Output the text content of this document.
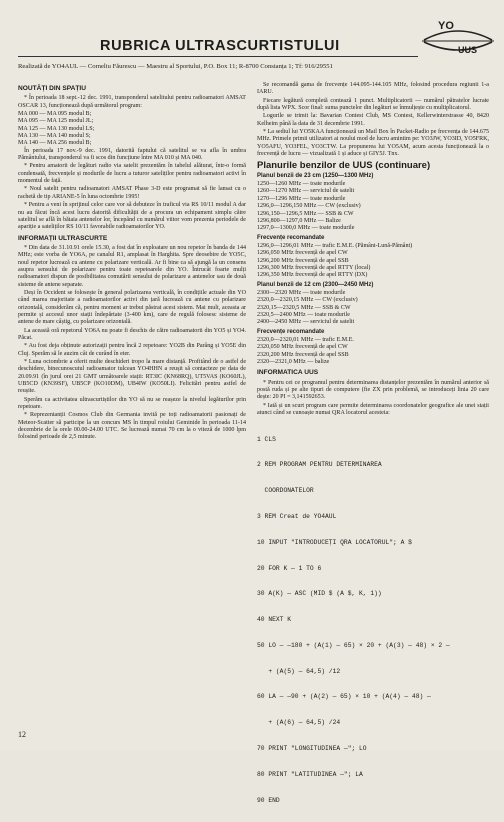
RUBRICA ULTRASCURTISTULUI
YO
UUS
Realizată de YO4AUL — Corneliu Făurescu — Maestru al Sportului, P.O. Box 11; R-8700 Constanța 1; Tf: 916/29551
NOUTĂȚI DIN SPAȚIU

* În perioada 18 sept.-12 dec. 1991, transponderul satelitului pentru radioamatori AMSAT OSCAR 13, funcționează după următorul program:

MA 000 — MA 095 modul B;

MA 095 — MA 125 modul JL;

MA 125 — MA 130 modul LS;

MA 130 — MA 140 modul S;

MA 140 — MA 256 modul B;

În perioada 17 nov.-9 dec. 1991, datorită faptului că satelitul se va afla în umbra Pământului, transponderul va fi scos din funcțiune între MA 010 și MA 040.

* Pentru amatorii de legături radio via satelit prezentăm în tabelul alăturat, într-o formă condensată, frecvențele și modurile de lucru a tuturor sateliților pentru radioamatori activi în momentul de față.

* Noul satelit pentru radioamatori AMSAT Phase 3-D este programat să fie lansat cu o rachetă de tip ARIANE-5 în luna octombrie 1995!

* Pentru a veni în sprijinul celor care vor să debuteze în traficul via RS 10/11 modul A dar nu au făcut încă acest lucru datorită dificultății de a procura un echipament simplu către satelitul se află în bătaia antenelor lor, începând cu numărul viitor vom prezenta periodele de apariție a sateliților RS 10/11 favorabile radioamatorilor YO.

INFORMAȚII ULTRASCURTE

* Din data de 31.10.91 orele 15.30, a fost dat în exploatare un nou repetor în banda de 144 MHz; este vorba de YO6A, pe canalul R1, amplasat în Harghita. Spre deosebire de YO5C, noul repetor lucrează cu antene cu polarizare verticală. Ar fi bine ca să ajungă la un consens asupra sensului de polarizare pentru toate repetoarele din YO. Întrucât foarte mulți radioamatori dispun de posibilitatea comutării sensului de polarizare a antenelor sau de două sisteme de antene separate.

Deși în Occident se folosește în general polarizarea verticală, în condițiile actuale din YO când marea majoritate a radioamatorilor activi din țară lucrează cu antene cu polarizare orizontală, considerăm că, pentru moment ar trebui păstrat acest sistem. Mai mult, aceasta ar permite și accesul unor stații îndepărtate (3-400 km), care de regulă folosesc sisteme de antene de mare câștig, cu polarizare orizontală.

La această oră repetorul YO6A nu poate fi deschis de către radioamatorii din YO5 și YO4. Păcat.

* Au fost deja obținute autorizații pentru încă 2 repetoare: YO2B din Parâng și YO5E din Cluj. Sperăm să le auzim cât de curând în eter.

* Luna octombrie a oferit multe deschideri tropo la mare distanță. Profitând de o astfel de deschidere, binecunoscutul radioamator tulcean YO4HHN a reușit să contacteze pe data de 20.09.91 (în jurul orei 21 GMT următoarele stații: RT3IC (KN68RQ), UT5VAS (KO60JL), UB5CD (KN39SF), UB5CP (KO10DM), UB4IW (KO50LI). Felicitări pentru astfel de reușite.

Sperăm ca activitatea ultrascurtiștilor din YO să nu se reașeze la nivelul legăturilor prin repetoare.

* Reprezentanții Cosmos Club din Germania invită pe toți radioamatorii pasionați de Meteor-Scatter să participe la un concurs MS în timpul roiului Geminide în perioada 11-14 decembrie de la orele 00.00-24.00 UTC. Se lucrează numai 70 cm la o viteză de 1000 lpm folosind perioade de 2,5 minute.

Se recomandă gama de frecvențe 144.095-144.105 MHz, folosind procedura regiunii 1-a IARU.

Fiecare legătură completă contează 1 punct. Multiplicatorii — numărul pătratelor lucrate după lista WPX. Scor final: suma punctelor din legături se înmulțește cu multiplicatorul.

Logurile se trimit la: Bavarian Contest Club, MS Contest, Kellerwinterstrasse 40, 8420 Kelheim până la data de 31 decembrie 1991.

* La sediul lui YO5KAA funcționează un Mail Box în Packet-Radio pe frecvența de 144.675 MHz. Primele primii utilizatori ai noului mod de lucru amintim pe: YO3JW, YO3ID, YO5FRK, YO5AFU, YO3FEL, YO3CTW. La propunerea lui YO5AM, acum acesta funcționează la o frecvență de lucru — vizualizată 1 și aduce și GIY5J. Tnx.

Planurile benzilor de UUS (continuare)
Planul benzii de 23 cm (1250—1300 MHz)
1250—1260 MHz — toate modurile
1260—1270 MHz — serviciul de satelit
1270—1296 MHz — toate modurile
1296,0—1296,150 MHz — CW (exclusiv)
1296,150—1296,5 MHz — SSB & CW
1296,800—1297,0 MHz — Balize
1297,0—1300,0 MHz — toate modurile
Frecvențe recomandate
1296,0—1296,01 MHz — trafic E.M.E. (Pământ-Lună-Pământ)
1296,050 MHz frecvență de apel CW
1296,200 MHz frecvență de apel SSB
1296,300 MHz frecvență de apel RTTY (local)
1296,350 MHz frecvență de apel RTTY (DX)
Planul benzii de 12 cm (2300—2450 MHz)
2300—2320 MHz — toate modurile
2320,0—2320,15 MHz — CW (exclusiv)
2320,15—2320,5 MHz — SSB & CW
2320,5—2400 MHz — toate modurile
2400—2450 MHz — serviciul de satelit
Frecvențe recomandate
2320,0—2320,01 MHz — trafic E.M.E.
2320,050 MHz frecvență de apel CW
2320,200 MHz frecvență de apel SSB
2320—2321,0 MHz — balize
INFORMATICA UUS

* Pentru cei ce programul pentru determinarea distanțelor prezentăm în numărul anterior să postă ruda și pe alte tipuri de computere (fie ZX prin problemă, se introduceți linia 20 care dește: 20 PI = 3,141592653.

* Iată și un scurt program care permite determinarea coordonatelor geografice ale unei stații atunci când se cunoaște numai QRA locatorul acesteia:

1 CLS

2 REM PROGRAM PENTRU DETERMINAREA

COORDONATELOR

3 REM Creat de YO4AUL

10 INPUT "INTRODUCEȚI QRA LOCATORUL"; A $

20 FOR K — 1 TO 6

30 A(K) — ASC (MID $ (A $, K, 1))

40 NEXT K

50 LO — —180 + (A(1) — 65) × 20 + (A(3) — 48) × 2 —

+ (A(5) — 64,5) /12

60 LA — —90 + (A(2) — 65) × 10 + (A(4) — 48) —

+ (A(6) — 64,5) /24

70 PRINT "LONGITUDINEA —"; LO

80 PRINT "LATITUDINEA —"; LA

90 END

12
